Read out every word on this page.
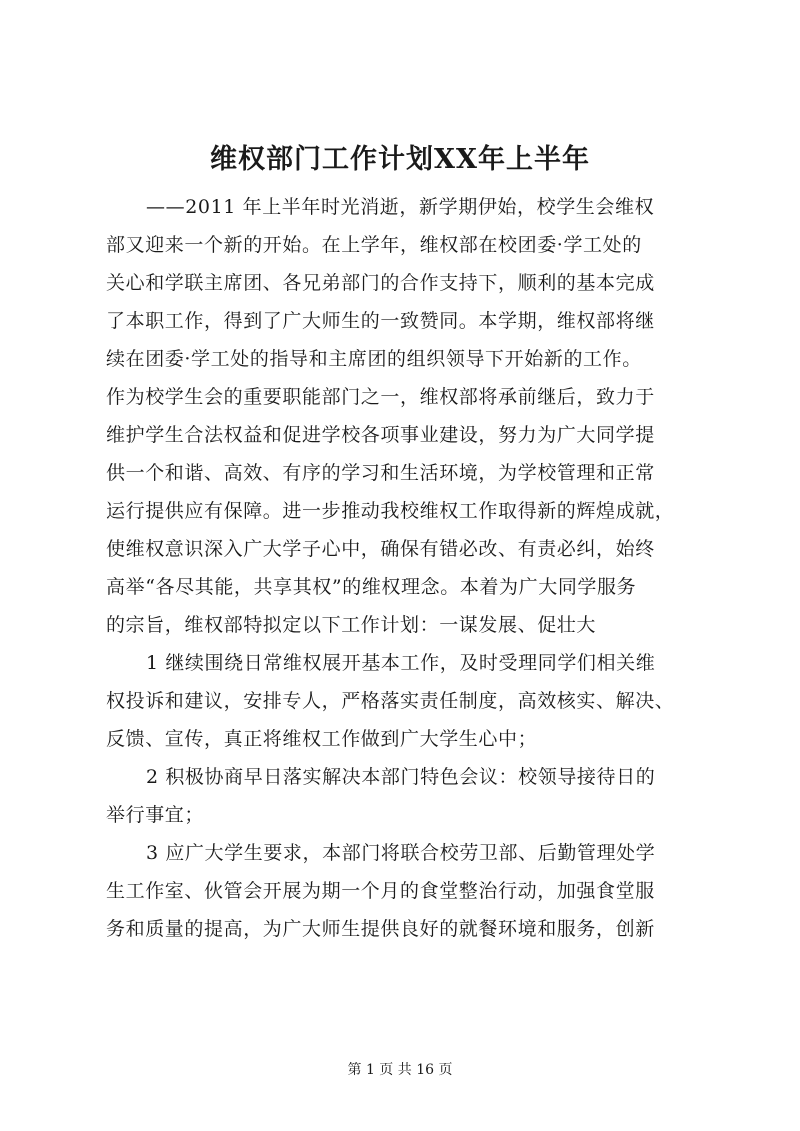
维权部门工作计划XX年上半年
——2011 年上半年时光消逝，新学期伊始，校学生会维权
部又迎来一个新的开始。在上学年，维权部在校团委·学工处的
关心和学联主席团、各兄弟部门的合作支持下，顺利的基本完成
了本职工作，得到了广大师生的一致赞同。本学期，维权部将继
续在团委·学工处的指导和主席团的组织领导下开始新的工作。
作为校学生会的重要职能部门之一，维权部将承前继后，致力于
维护学生合法权益和促进学校各项事业建设，努力为广大同学提
供一个和谐、高效、有序的学习和生活环境，为学校管理和正常
运行提供应有保障。进一步推动我校维权工作取得新的辉煌成就，
使维权意识深入广大学子心中，确保有错必改、有责必纠，始终
高举“各尽其能，共享其权”的维权理念。本着为广大同学服务
的宗旨，维权部特拟定以下工作计划：一谋发展、促壮大
1 继续围绕日常维权展开基本工作，及时受理同学们相关维
权投诉和建议，安排专人，严格落实责任制度，高效核实、解决、
反馈、宣传，真正将维权工作做到广大学生心中；
2 积极协商早日落实解决本部门特色会议：校领导接待日的
举行事宜；
3 应广大学生要求，本部门将联合校劳卫部、后勤管理处学
生工作室、伙管会开展为期一个月的食堂整治行动，加强食堂服
务和质量的提高，为广大师生提供良好的就餐环境和服务，创新
第 1 页 共 16 页
